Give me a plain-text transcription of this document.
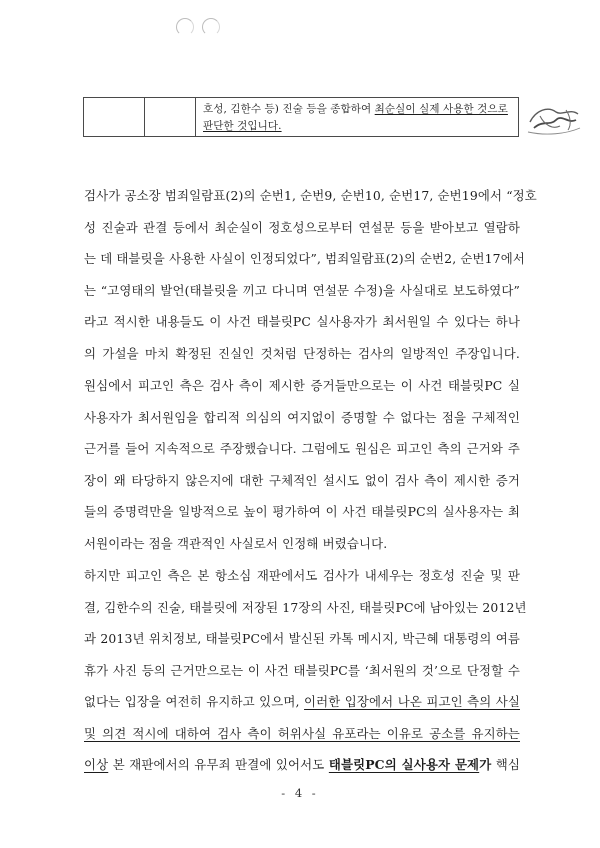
호성, 김한수 등) 진술 등을 종합하여 최순실이 실제 사용한 것으로
판단한 것입니다.
검사가 공소장 범죄일람표(2)의 순번1, 순번9, 순번10, 순번17, 순번19에서 “정호
성 진술과 관결 등에서 최순실이 정호성으로부터 연설문 등을 받아보고 열람하
는 데 태블릿을 사용한 사실이 인정되었다”, 범죄일람표(2)의 순번2, 순번17에서
는 “고영태의 발언(태블릿을 끼고 다니며 연설문 수정)을 사실대로 보도하였다”
라고 적시한 내용들도 이 사건 태블릿PC 실사용자가 최서원일 수 있다는 하나
의 가설을 마치 확정된 진실인 것처럼 단정하는 검사의 일방적인 주장입니다.
원심에서 피고인 측은 검사 측이 제시한 증거들만으로는 이 사건 태블릿PC 실
사용자가 최서원임을 합리적 의심의 여지없이 증명할 수 없다는 점을 구체적인
근거를 들어 지속적으로 주장했습니다. 그럼에도 원심은 피고인 측의 근거와 주
장이 왜 타당하지 않은지에 대한 구체적인 설시도 없이 검사 측이 제시한 증거
들의 증명력만을 일방적으로 높이 평가하여 이 사건 태블릿PC의 실사용자는 최
서원이라는 점을 객관적인 사실로서 인정해 버렸습니다.
하지만 피고인 측은 본 항소심 재판에서도 검사가 내세우는 정호성 진술 및 판
결, 김한수의 진술, 태블릿에 저장된 17장의 사진, 태블릿PC에 남아있는 2012년
과 2013년 위치정보, 태블릿PC에서 발신된 카톡 메시지, 박근혜 대통령의 여름
휴가 사진 등의 근거만으로는 이 사건 태블릿PC를 ‘최서원의 것’으로 단정할 수
없다는 입장을 여전히 유지하고 있으며, 이러한 입장에서 나온 피고인 측의 사실
및 의견 적시에 대하여 검사 측이 허위사실 유포라는 이유로 공소를 유지하는
이상 본 재판에서의 유무죄 판결에 있어서도 태블릿PC의 실사용자 문제가 핵심
- 4 -
